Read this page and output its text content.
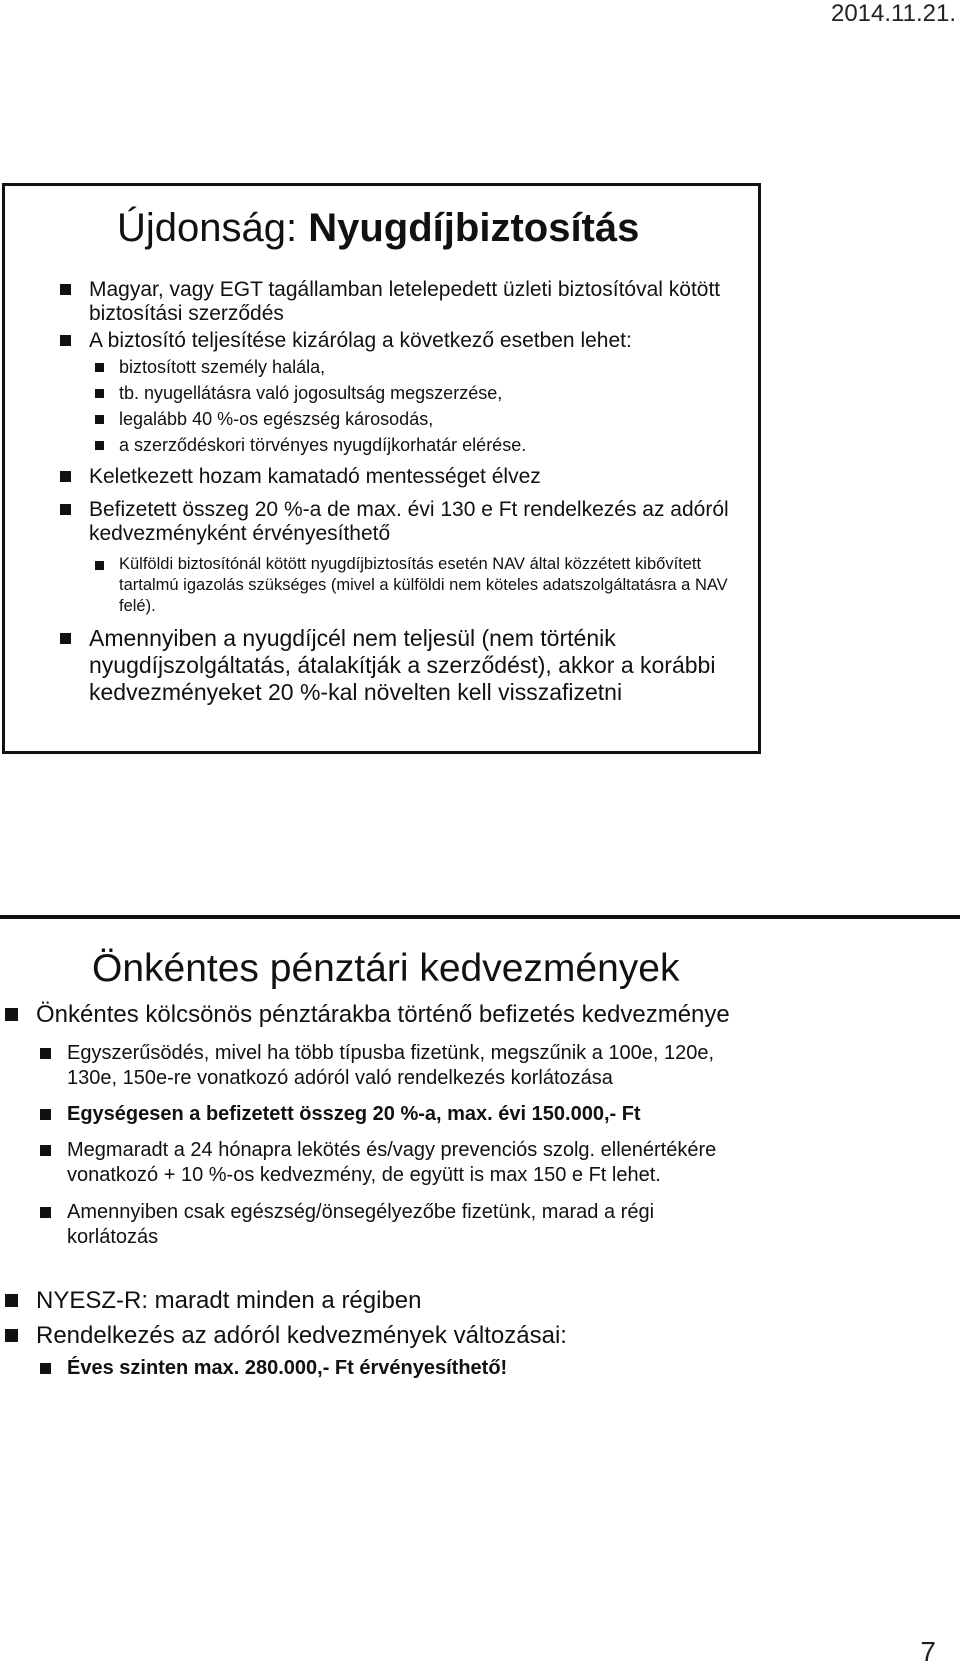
2014.11.21.
Újdonság: Nyugdíjbiztosítás
Magyar, vagy EGT tagállamban letelepedett üzleti biztosítóval kötött biztosítási szerződés
A biztosító teljesítése kizárólag a következő esetben lehet:
biztosított személy halála,
tb. nyugellátásra való jogosultság megszerzése,
legalább 40 %-os egészség károsodás,
a szerződéskori törvényes nyugdíjkorhatár elérése.
Keletkezett hozam kamatadó mentességet élvez
Befizetett összeg 20 %-a de max. évi 130 e Ft rendelkezés az adóról kedvezményként érvényesíthető
Külföldi biztosítónál kötött nyugdíjbiztosítás esetén NAV által közzétett kibővített tartalmú igazolás szükséges (mivel a külföldi nem köteles adatszolgáltatásra a NAV felé).
Amennyiben a nyugdíjcél nem teljesül (nem történik nyugdíjszolgáltatás, átalakítják a szerződést), akkor a korábbi kedvezményeket 20 %-kal növelten kell visszafizetni
Önkéntes pénztári kedvezmények
Önkéntes kölcsönös pénztárakba történő befizetés kedvezménye
Egyszerűsödés, mivel ha több típusba fizetünk, megszűnik a 100e, 120e, 130e, 150e-re vonatkozó adóról való rendelkezés korlátozása
Egységesen a befizetett összeg 20 %-a, max. évi 150.000,- Ft
Megmaradt a 24 hónapra lekötés és/vagy prevenciós szolg. ellenértékére vonatkozó + 10 %-os kedvezmény, de együtt is max 150 e Ft lehet.
Amennyiben csak egészség/önsegélyezőbe fizetünk, marad a régi korlátozás
NYESZ-R: maradt minden a régiben
Rendelkezés az adóról kedvezmények változásai:
Éves szinten max. 280.000,- Ft érvényesíthető!
7
